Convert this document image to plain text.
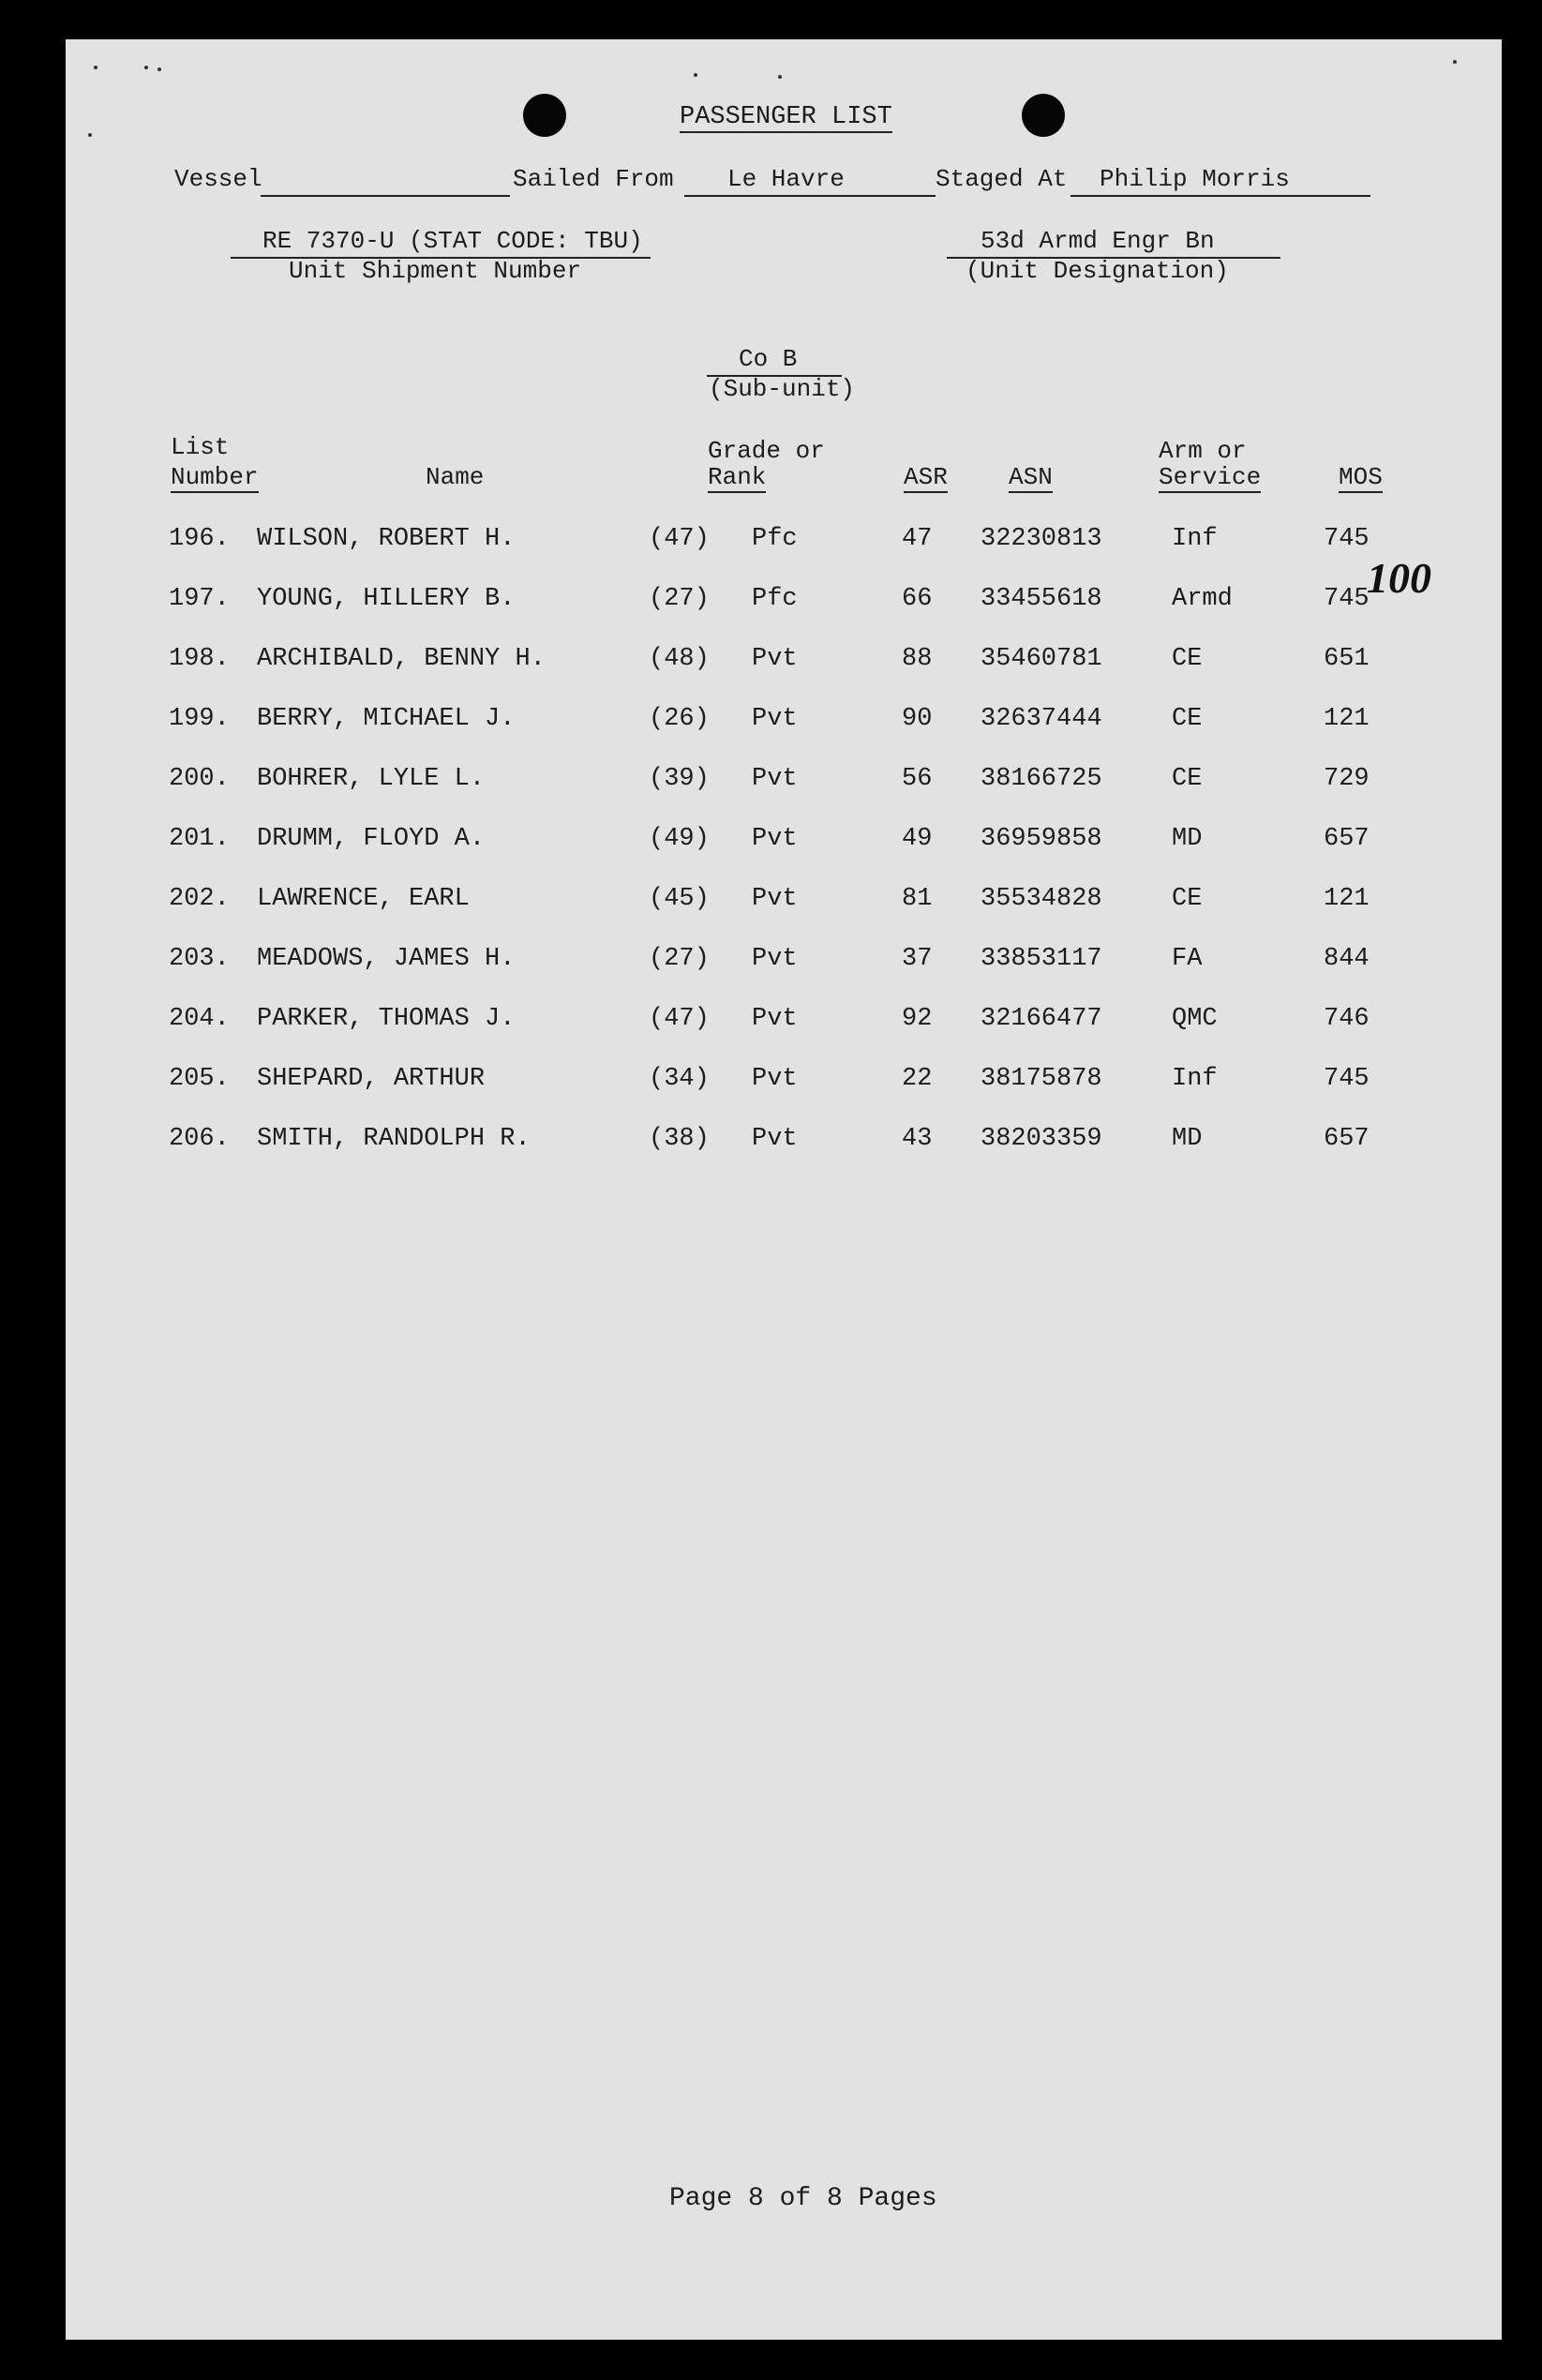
PASSENGER LIST
Vessel	Sailed From Le Havre	Staged At Philip Morris
RE 7370-U (STAT CODE: TBU)
Unit Shipment Number
53d Armd Engr Bn
(Unit Designation)
Co B
(Sub-unit)
List
Number	Name
Grade or
Rank	ASR	ASN
Arm or
Service	MOS
196. WILSON, ROBERT H.	(47) Pfc	47 32230813	Inf	745
197. YOUNG, HILLERY B.	(27) Pfc	66 33455618	Armd	745
100
198. ARCHIBALD, BENNY H.	(48) Pvt	88 35460781	CE	651
199. BERRY, MICHAEL J.	(26) Pvt	90 32637444	CE	121
200. BOHRER, LYLE L.	(39) Pvt	56 38166725	CE	729
201. DRUMM, FLOYD A.	(49) Pvt	49 36959858	MD	657
202. LAWRENCE, EARL	(45) Pvt	81 35534828	CE	121
203. MEADOWS, JAMES H.	(27) Pvt	37 33853117	FA	844
204. PARKER, THOMAS J.	(47) Pvt	92 32166477	QMC	746
205. SHEPARD, ARTHUR	(34) Pvt	22 38175878	Inf	745
206. SMITH, RANDOLPH R.	(38) Pvt	43 38203359	MD	657
Page 8 of 8 Pages
